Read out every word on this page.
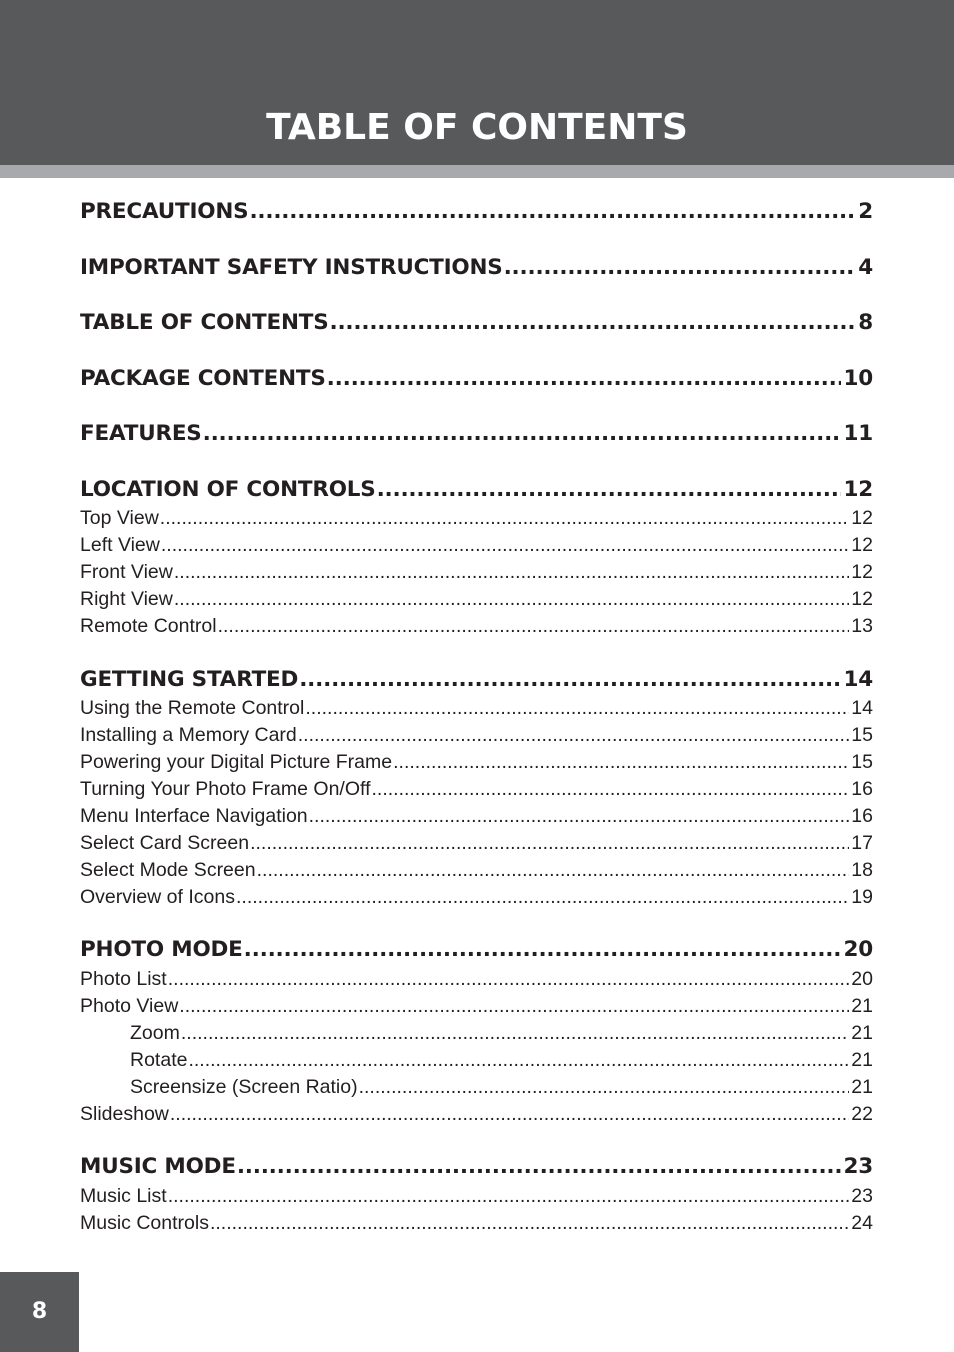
TABLE OF CONTENTS
PRECAUTIONS .....	2
IMPORTANT SAFETY INSTRUCTIONS .....	4
TABLE OF CONTENTS .....	8
PACKAGE CONTENTS .....	10
FEATURES .....	11
LOCATION OF CONTROLS .....	12
Top View .....	12
Left View .....	12
Front View .....	12
Right View .....	12
Remote Control .....	13
GETTING STARTED .....	14
Using the Remote Control .....	14
Installing a Memory Card .....	15
Powering your Digital Picture Frame .....	15
Turning Your Photo Frame On/Off .....	16
Menu Interface Navigation .....	16
Select Card Screen .....	17
Select Mode Screen .....	18
Overview of Icons .....	19
PHOTO MODE .....	20
Photo List .....	20
Photo View .....	21
Zoom .....	21
Rotate .....	21
Screensize (Screen Ratio) .....	21
Slideshow .....	22
MUSIC MODE .....	23
Music List .....	23
Music Controls .....	24
8
